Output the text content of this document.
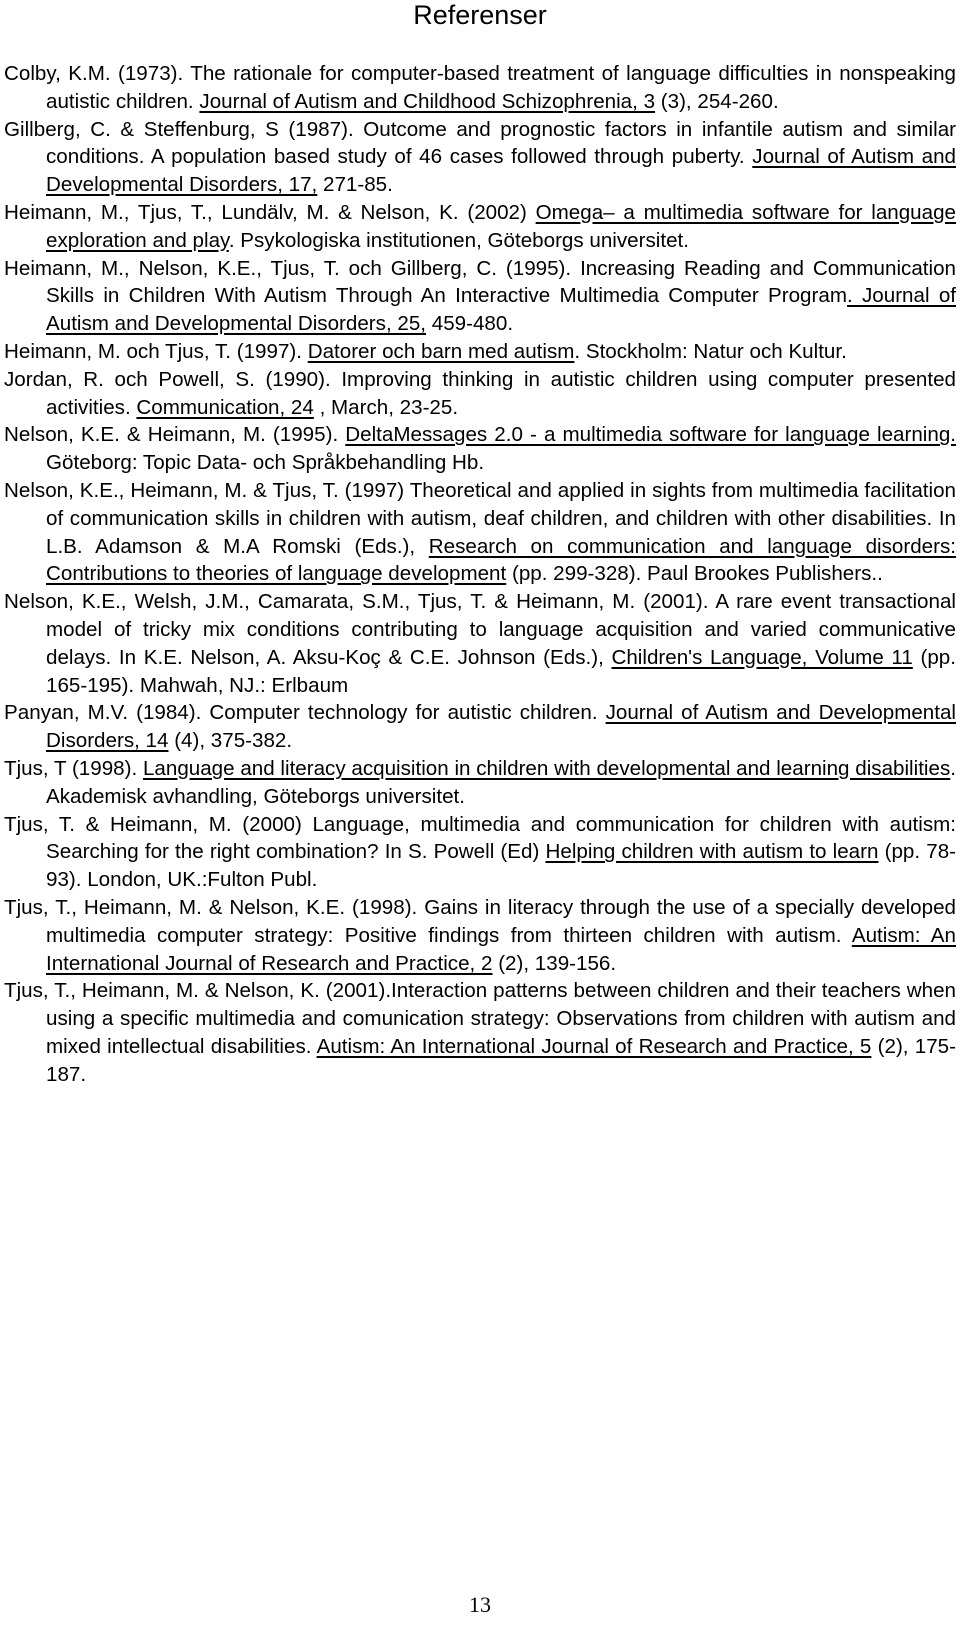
Referenser

Colby, K.M. (1973). The rationale for computer-based treatment of language difficulties in nonspeaking autistic children. Journal of Autism and Childhood Schizophrenia, 3 (3), 254-260.

Gillberg, C. & Steffenburg, S (1987). Outcome and prognostic factors in infantile autism and similar conditions. A population based study of 46 cases followed through puberty. Journal of Autism and Developmental Disorders, 17, 271-85.

Heimann, M., Tjus, T., Lundälv, M. & Nelson, K. (2002) Omega– a multimedia software for language exploration and play. Psykologiska institutionen, Göteborgs universitet.

Heimann, M., Nelson, K.E., Tjus, T. och Gillberg, C. (1995). Increasing Reading and Communication Skills in Children With Autism Through An Interactive Multimedia Computer Program. Journal of Autism and Developmental Disorders, 25, 459-480.

Heimann, M. och Tjus, T. (1997). Datorer och barn med autism. Stockholm: Natur och Kultur.

Jordan, R. och Powell, S. (1990). Improving thinking in autistic children using computer presented activities. Communication, 24 , March, 23-25.

Nelson, K.E. & Heimann, M. (1995). DeltaMessages 2.0 - a multimedia software for language learning. Göteborg: Topic Data- och Språkbehandling Hb.

Nelson, K.E., Heimann, M. & Tjus, T. (1997) Theoretical and applied in sights from multimedia facilitation of communication skills in children with autism, deaf children, and children with other disabilities. In L.B. Adamson & M.A Romski (Eds.), Research on communication and language disorders: Contributions to theories of language development (pp. 299-328). Paul Brookes Publishers..

Nelson, K.E., Welsh, J.M., Camarata, S.M., Tjus, T. & Heimann, M. (2001). A rare event transactional model of tricky mix conditions contributing to language acquisition and varied communicative delays. In K.E. Nelson, A. Aksu-Koç & C.E. Johnson (Eds.), Children's Language, Volume 11 (pp. 165-195). Mahwah, NJ.: Erlbaum

Panyan, M.V. (1984). Computer technology for autistic children. Journal of Autism and Developmental Disorders, 14 (4), 375-382.

Tjus, T (1998). Language and literacy acquisition in children with developmental and learning disabilities. Akademisk avhandling, Göteborgs universitet.

Tjus, T. & Heimann, M. (2000) Language, multimedia and communication for children with autism: Searching for the right combination? In S. Powell (Ed) Helping children with autism to learn (pp. 78-93). London, UK.:Fulton Publ.

Tjus, T., Heimann, M. & Nelson, K.E. (1998). Gains in literacy through the use of a specially developed multimedia computer strategy: Positive findings from thirteen children with autism. Autism: An International Journal of Research and Practice, 2 (2), 139-156.

Tjus, T., Heimann, M. & Nelson, K. (2001).Interaction patterns between children and their teachers when using a specific multimedia and comunication strategy: Observations from children with autism and mixed intellectual disabilities. Autism: An International Journal of Research and Practice, 5 (2), 175-187.

13
